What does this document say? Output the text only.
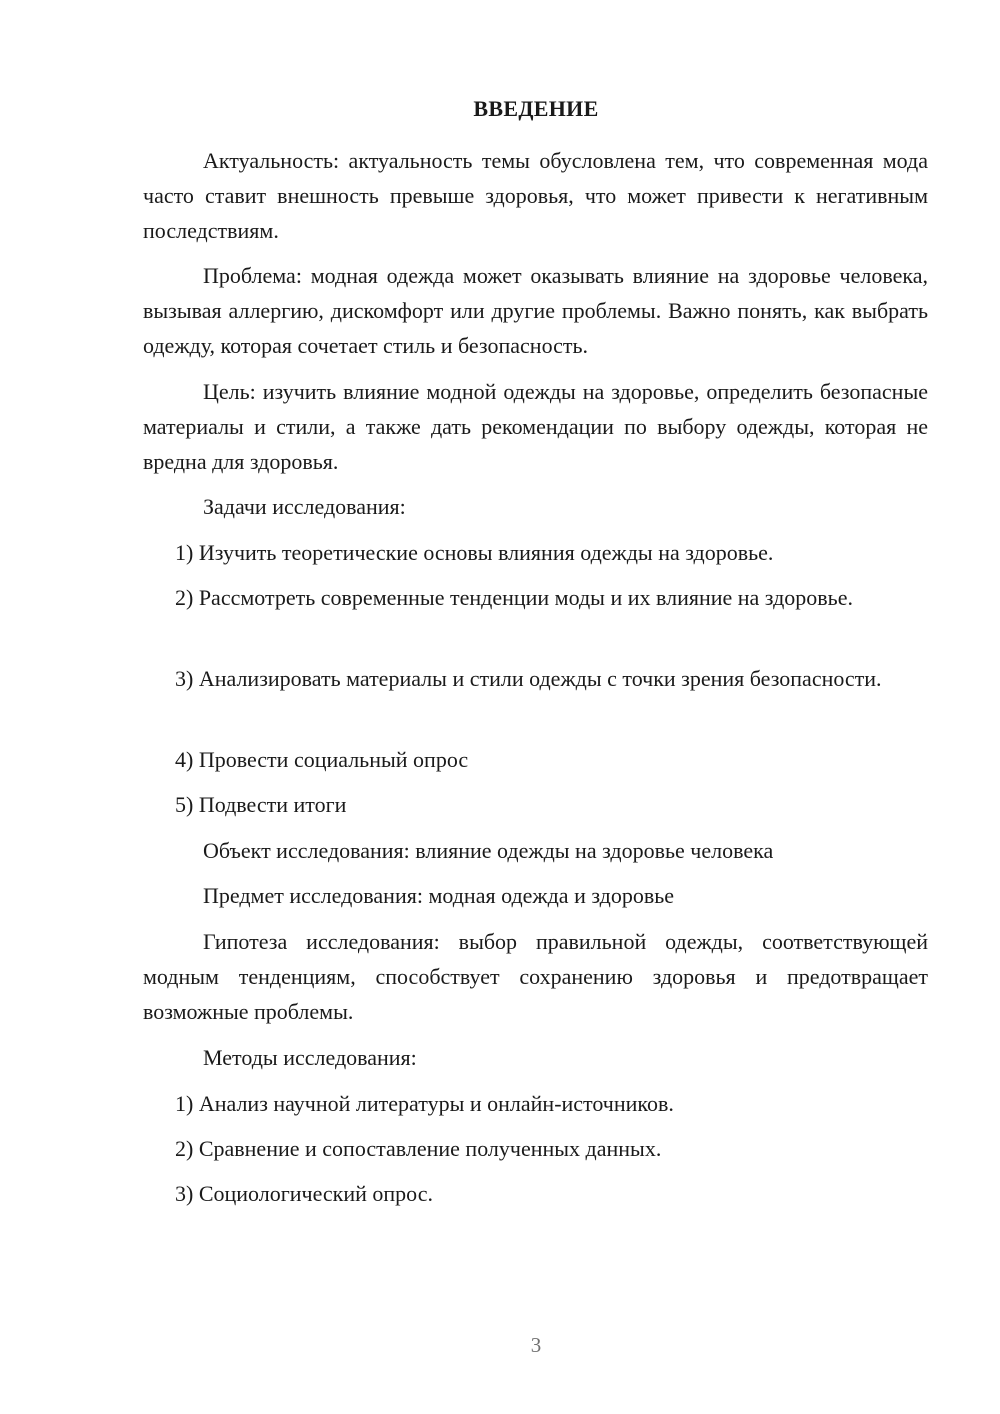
ВВЕДЕНИЕ
Актуальность: актуальность темы обусловлена тем, что современная мода часто ставит внешность превыше здоровья, что может привести к негативным последствиям.
Проблема: модная одежда может оказывать влияние на здоровье человека, вызывая аллергию, дискомфорт или другие проблемы. Важно понять, как выбрать одежду, которая сочетает стиль и безопасность.
Цель: изучить влияние модной одежды на здоровье, определить безопасные материалы и стили, а также дать рекомендации по выбору одежды, которая не вредна для здоровья.
Задачи исследования:
1) Изучить теоретические основы влияния одежды на здоровье.
2) Рассмотреть современные тенденции моды и их влияние на здоровье.
3) Анализировать материалы и стили одежды с точки зрения безопасности.
4) Провести социальный опрос
5) Подвести итоги
Объект исследования: влияние одежды на здоровье человека
Предмет исследования: модная одежда и здоровье
Гипотеза исследования: выбор правильной одежды, соответствующей модным тенденциям, способствует сохранению здоровья и предотвращает возможные проблемы.
Методы исследования:
1) Анализ научной литературы и онлайн-источников.
2) Сравнение и сопоставление полученных данных.
3) Социологический опрос.
3
